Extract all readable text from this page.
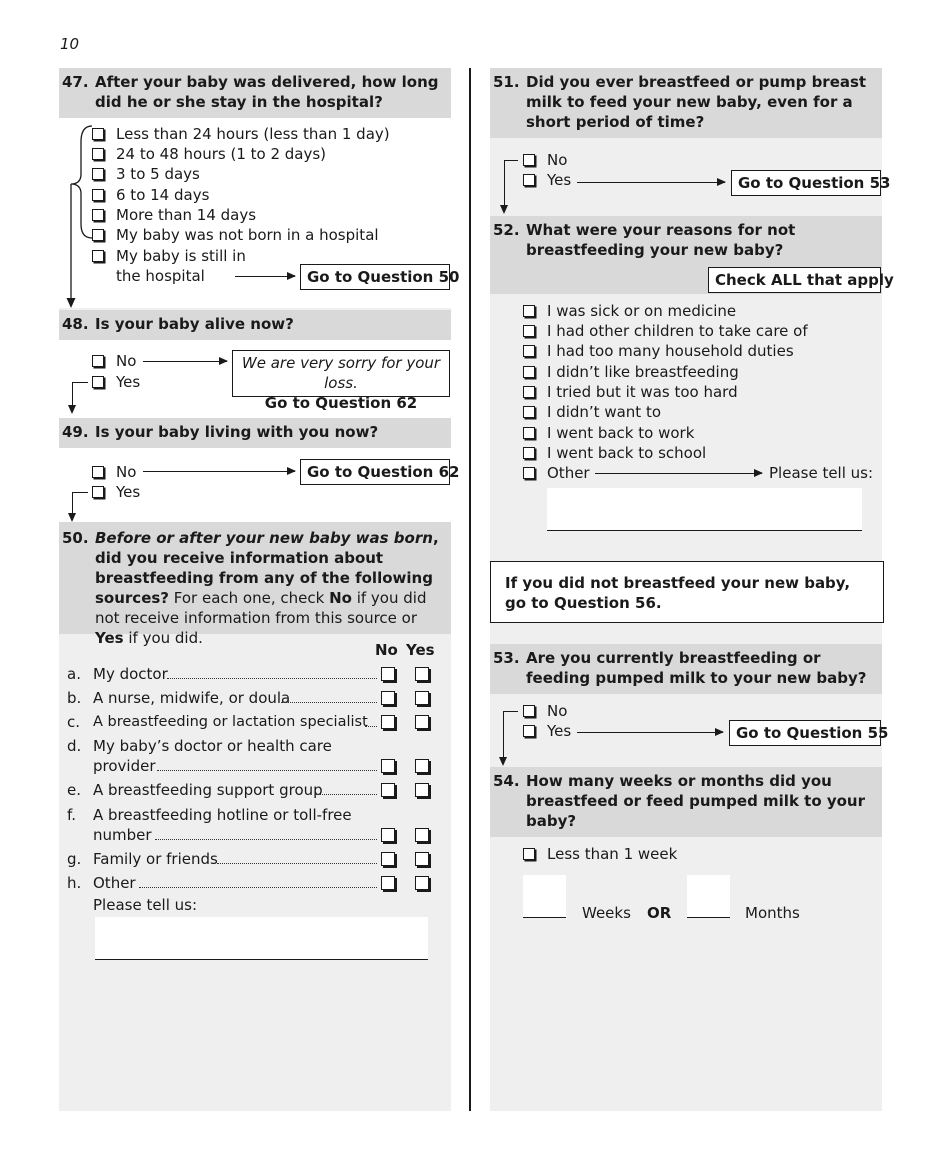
10
47. After your baby was delivered, how long did he or she stay in the hospital?
Less than 24 hours (less than 1 day)
24 to 48 hours (1 to 2 days)
3 to 5 days
6 to 14 days
More than 14 days
My baby was not born in a hospital
My baby is still in
the hospital	Go to Question 50
48. Is your baby alive now?
No
Yes
We are very sorry for your loss.
Go to Question 62
49. Is your baby living with you now?
No
Yes
Go to Question 62
50. Before or after your new baby was born, did you receive information about breastfeeding from any of the following sources? For each one, check No if you did not receive information from this source or Yes if you did.
No Yes
a. My doctor
b. A nurse, midwife, or doula
c. A breastfeeding or lactation specialist
d. My baby’s doctor or health care
provider
e. A breastfeeding support group
f. A breastfeeding hotline or toll-free
number
g. Family or friends
h. Other
Please tell us:
51. Did you ever breastfeed or pump breast milk to feed your new baby, even for a short period of time?
No
Yes	Go to Question 53
52. What were your reasons for not breastfeeding your new baby?
Check ALL that apply
I was sick or on medicine
I had other children to take care of
I had too many household duties
I didn’t like breastfeeding
I tried but it was too hard
I didn’t want to
I went back to work
I went back to school
Other	Please tell us:
If you did not breastfeed your new baby, go to Question 56.
53. Are you currently breastfeeding or feeding pumped milk to your new baby?
No
Yes	Go to Question 55
54. How many weeks or months did you breastfeed or feed pumped milk to your baby?
Less than 1 week
Weeks OR	Months
